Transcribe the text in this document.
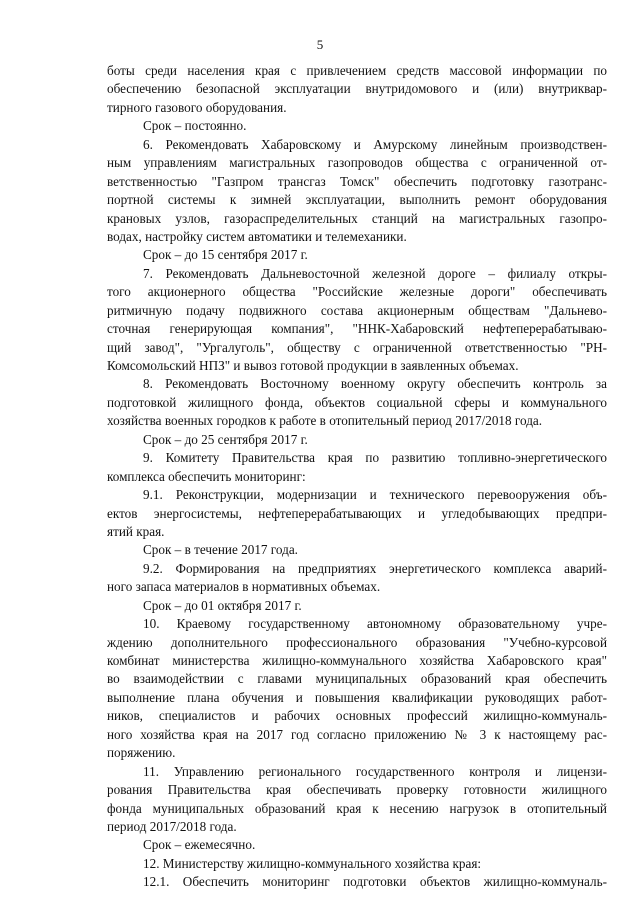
5
боты среди населения края с привлечением средств массовой информации по
обеспечению безопасной эксплуатации внутридомового и (или) внутриквар-
тирного газового оборудования.
Срок – постоянно.
6. Рекомендовать Хабаровскому и Амурскому линейным производствен-
ным управлениям магистральных газопроводов общества с ограниченной от-
ветственностью "Газпром трансгаз Томск" обеспечить подготовку газотранс-
портной системы к зимней эксплуатации, выполнить ремонт оборудования
крановых узлов, газораспределительных станций на магистральных газопро-
водах, настройку систем автоматики и телемеханики.
Срок – до 15 сентября 2017 г.
7. Рекомендовать Дальневосточной железной дороге – филиалу откры-
того акционерного общества "Российские железные дороги" обеспечивать
ритмичную подачу подвижного состава акционерным обществам "Дальнево-
сточная генерирующая компания", "ННК-Хабаровский нефтеперерабатываю-
щий завод", "Ургалуголь", обществу с ограниченной ответственностью "РН-
Комсомольский НПЗ" и вывоз готовой продукции в заявленных объемах.
8. Рекомендовать Восточному военному округу обеспечить контроль за
подготовкой жилищного фонда, объектов социальной сферы и коммунального
хозяйства военных городков к работе в отопительный период 2017/2018 года.
Срок – до 25 сентября 2017 г.
9. Комитету Правительства края по развитию топливно-энергетического
комплекса обеспечить мониторинг:
9.1. Реконструкции, модернизации и технического перевооружения объ-
ектов энергосистемы, нефтеперерабатывающих и угледобывающих предпри-
ятий края.
Срок – в течение 2017 года.
9.2. Формирования на предприятиях энергетического комплекса аварий-
ного запаса материалов в нормативных объемах.
Срок – до 01 октября 2017 г.
10. Краевому государственному автономному образовательному учре-
ждению дополнительного профессионального образования "Учебно-курсовой
комбинат министерства жилищно-коммунального хозяйства Хабаровского края"
во взаимодействии с главами муниципальных образований края обеспечить
выполнение плана обучения и повышения квалификации руководящих работ-
ников, специалистов и рабочих основных профессий жилищно-коммуналь-
ного хозяйства края на 2017 год согласно приложению № 3 к настоящему рас-
поряжению.
11. Управлению регионального государственного контроля и лицензи-
рования Правительства края обеспечивать проверку готовности жилищного
фонда муниципальных образований края к несению нагрузок в отопительный
период 2017/2018 года.
Срок – ежемесячно.
12. Министерству жилищно-коммунального хозяйства края:
12.1. Обеспечить мониторинг подготовки объектов жилищно-коммуналь-
